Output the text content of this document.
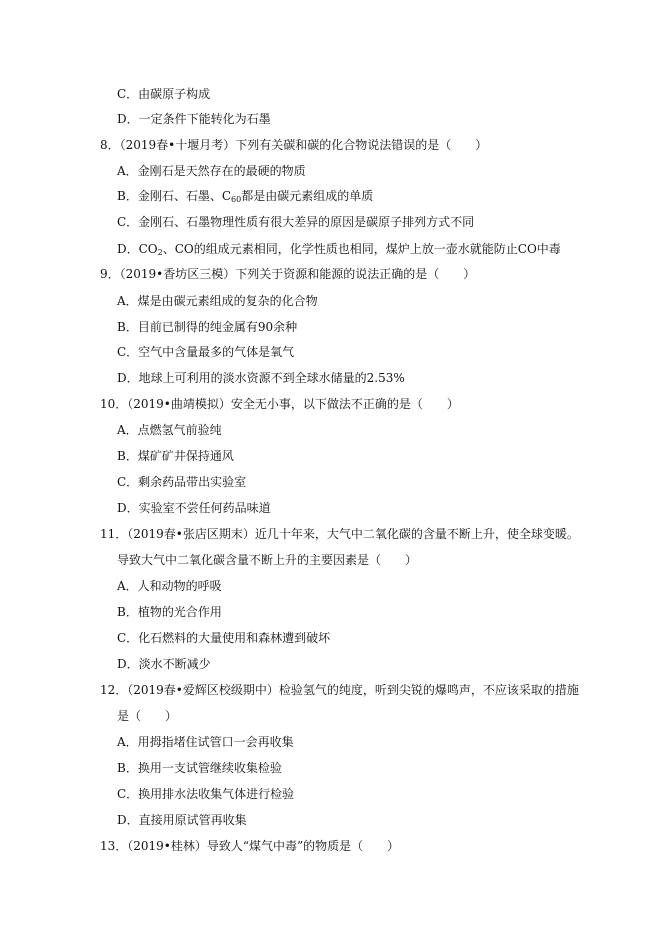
C．由碳原子构成
D．一定条件下能转化为石墨
8．（2019春•十堰月考）下列有关碳和碳的化合物说法错误的是（　　）
A．金刚石是天然存在的最硬的物质
B．金刚石、石墨、$C_{60}$都是由碳元素组成的单质
C．金刚石、石墨物理性质有很大差异的原因是碳原子排列方式不同
D．$CO_2$、CO的组成元素相同，化学性质也相同，煤炉上放一壶水就能防止CO中毒
9．（2019•香坊区三模）下列关于资源和能源的说法正确的是（　　）
A．煤是由碳元素组成的复杂的化合物
B．目前已制得的纯金属有90余种
C．空气中含量最多的气体是氧气
D．地球上可利用的淡水资源不到全球水储量的2.53%
10．（2019•曲靖模拟）安全无小事，以下做法不正确的是（　　）
A．点燃氢气前验纯
B．煤矿矿井保持通风
C．剩余药品带出实验室
D．实验室不尝任何药品味道
11．（2019春•张店区期末）近几十年来，大气中二氧化碳的含量不断上升，使全球变暖。
导致大气中二氧化碳含量不断上升的主要因素是（　　）
A．人和动物的呼吸
B．植物的光合作用
C．化石燃料的大量使用和森林遭到破坏
D．淡水不断减少
12．（2019春•爱辉区校级期中）检验氢气的纯度，听到尖锐的爆鸣声，不应该采取的措施
是（　　）
A．用拇指堵住试管口一会再收集
B．换用一支试管继续收集检验
C．换用排水法收集气体进行检验
D．直接用原试管再收集
13．（2019•桂林）导致人“煤气中毒”的物质是（　　）
